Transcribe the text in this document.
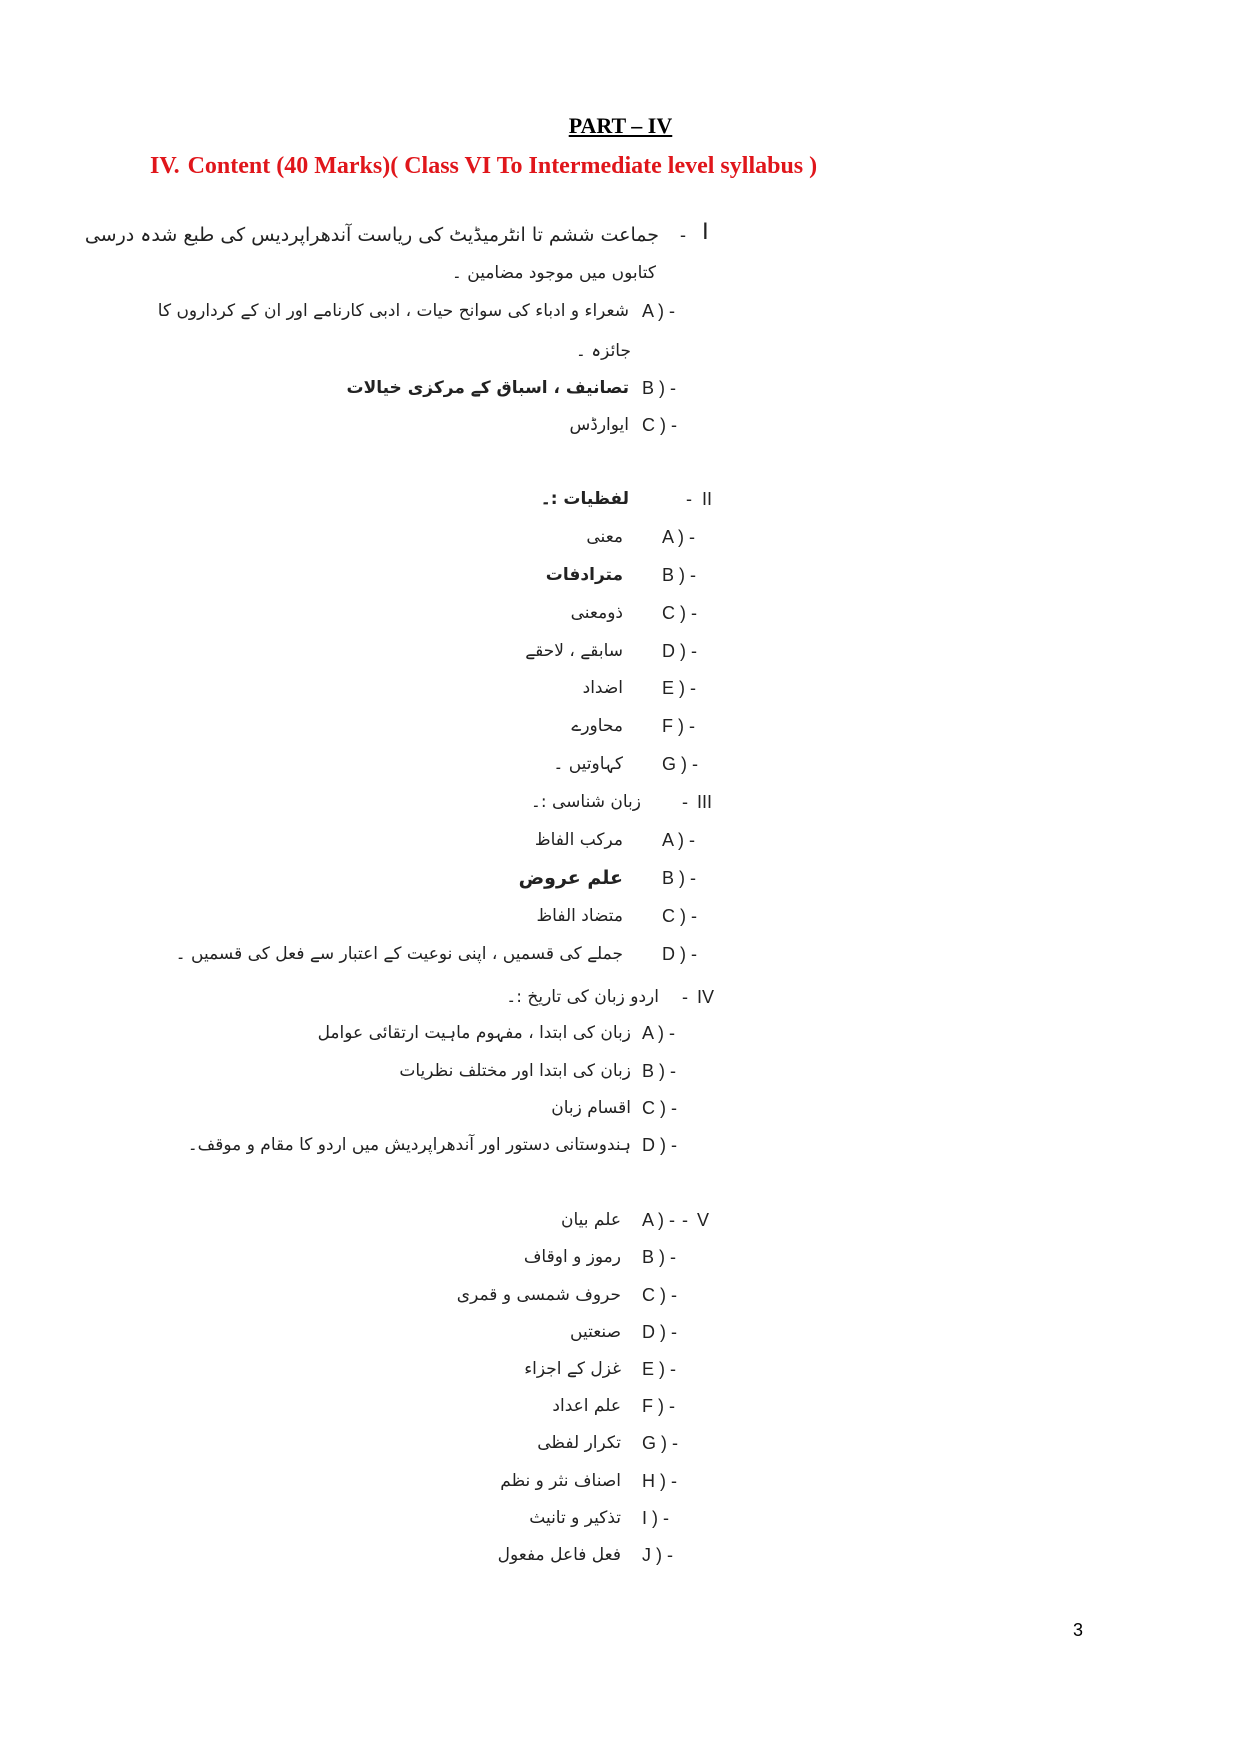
PART – IV
IV. Content (40 Marks)( Class VI To Intermediate level syllabus )
I
-
جماعت ششم تا انٹرمیڈیٹ کی ریاست آندھراپردیس کی طبع شدہ درسی
کتابوں میں موجود مضامین ۔
A ) -
شعراء و ادباء کی سوانح حیات ، ادبی کارنامے اور ان کے کرداروں کا
جائزہ ۔
B ) -
تصانیف ، اسباق کے مرکزی خیالات
C ) -
ایوارڈس
II
-
لفظیات :۔
A ) -
معنی
B ) -
مترادفات
C ) -
ذومعنی
D ) -
سابقے ، لاحقے
E ) -
اضداد
F ) -
محاورے
G ) -
کہاوتیں ۔
III
-
زبان شناسی :۔
A ) -
مرکب الفاظ
B ) -
علم عروض
C ) -
متضاد الفاظ
D ) -
جملے کی قسمیں ، اپنی نوعیت کے اعتبار سے فعل کی قسمیں ۔
IV
-
اردو زبان کی تاریخ :۔
A ) -
زبان کی ابتدا ، مفہوم ماہیت ارتقائی عوامل
B ) -
زبان کی ابتدا اور مختلف نظریات
C ) -
اقسام زبان
D ) -
ہندوستانی دستور اور آندھراپردیش میں اردو کا مقام و موقف۔
V
-
A ) -
علم بیان
B ) -
رموز و اوقاف
C ) -
حروف شمسی و قمری
D ) -
صنعتیں
E ) -
غزل کے اجزاء
F ) -
علم اعداد
G ) -
تکرار لفظی
H ) -
اصناف نثر و نظم
I ) -
تذکیر و تانیث
J ) -
فعل فاعل مفعول
3
